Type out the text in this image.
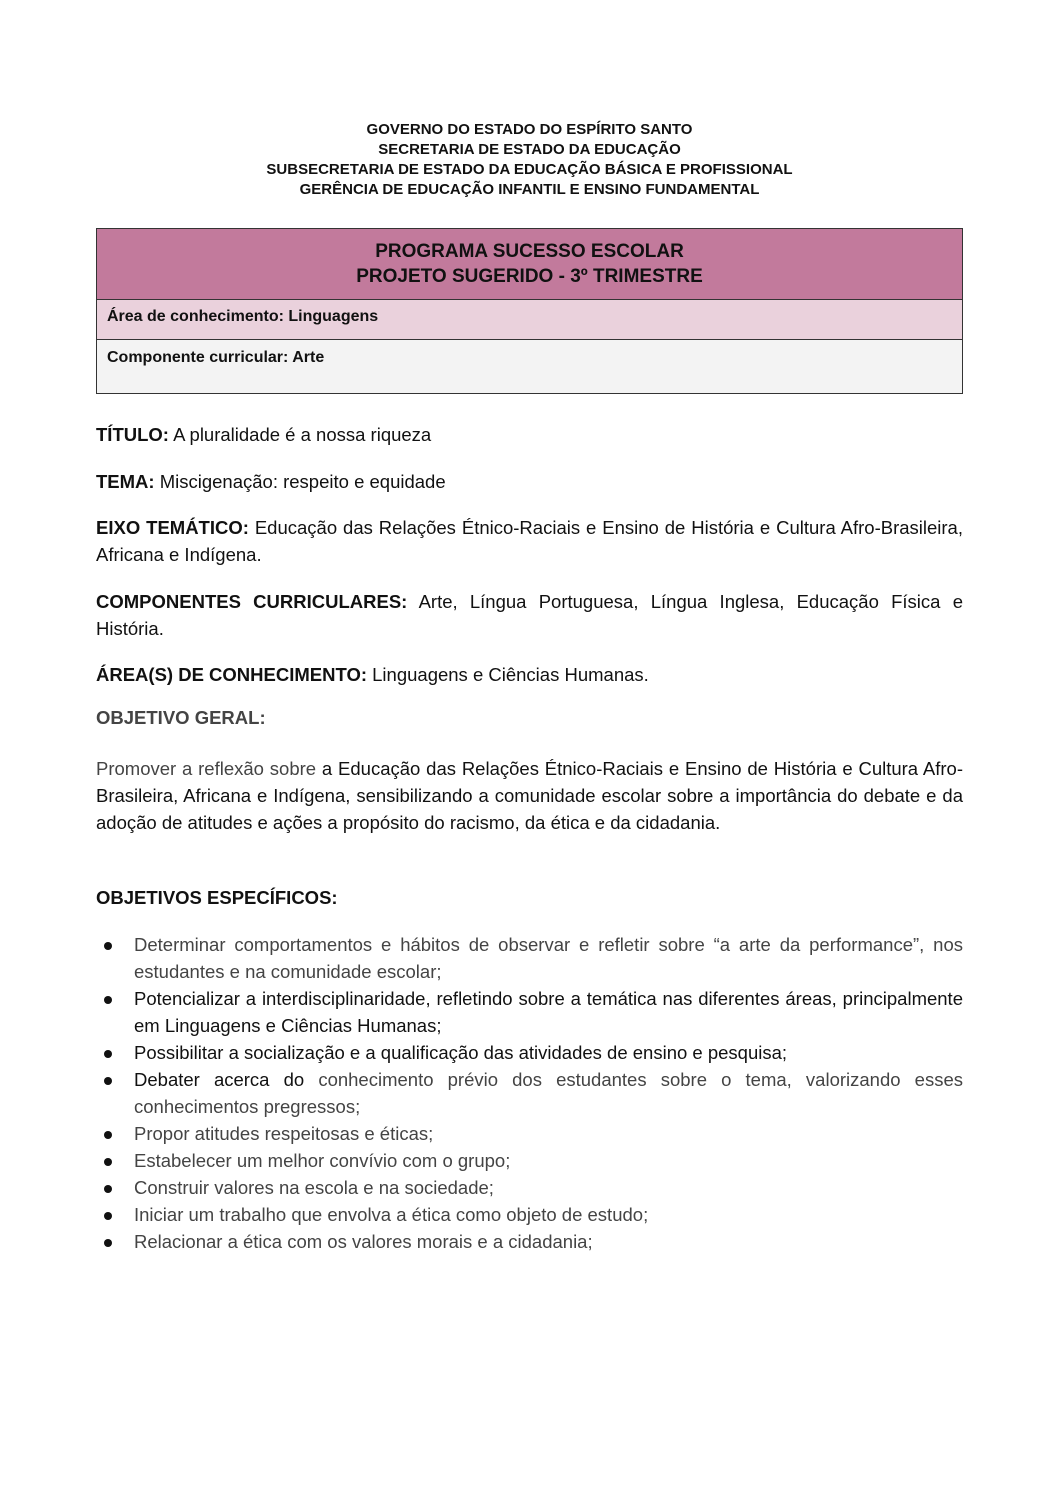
GOVERNO DO ESTADO DO ESPÍRITO SANTO
SECRETARIA DE ESTADO DA EDUCAÇÃO
SUBSECRETARIA DE ESTADO DA EDUCAÇÃO BÁSICA E PROFISSIONAL
GERÊNCIA DE EDUCAÇÃO INFANTIL E ENSINO FUNDAMENTAL
PROGRAMA SUCESSO ESCOLAR
PROJETO SUGERIDO - 3º TRIMESTRE
Área de conhecimento: Linguagens
Componente curricular: Arte
TÍTULO: A pluralidade é a nossa riqueza
TEMA: Miscigenação: respeito e equidade
EIXO TEMÁTICO: Educação das Relações Étnico-Raciais e Ensino de História e Cultura Afro-Brasileira, Africana e Indígena.
COMPONENTES CURRICULARES: Arte, Língua Portuguesa, Língua Inglesa, Educação Física e História.
ÁREA(S) DE CONHECIMENTO: Linguagens e Ciências Humanas.
OBJETIVO GERAL:
Promover a reflexão sobre a Educação das Relações Étnico-Raciais e Ensino de História e Cultura Afro-Brasileira, Africana e Indígena, sensibilizando a comunidade escolar sobre a importância do debate e da adoção de atitudes e ações a propósito do racismo, da ética e da cidadania.
OBJETIVOS ESPECÍFICOS:
Determinar comportamentos e hábitos de observar e refletir sobre “a arte da performance”, nos estudantes e na comunidade escolar;
Potencializar a interdisciplinaridade, refletindo sobre a temática nas diferentes áreas, principalmente em Linguagens e Ciências Humanas;
Possibilitar a socialização e a qualificação das atividades de ensino e pesquisa;
Debater acerca do conhecimento prévio dos estudantes sobre o tema, valorizando esses conhecimentos pregressos;
Propor atitudes respeitosas e éticas;
Estabelecer um melhor convívio com o grupo;
Construir valores na escola e na sociedade;
Iniciar um trabalho que envolva a ética como objeto de estudo;
Relacionar a ética com os valores morais e a cidadania;
